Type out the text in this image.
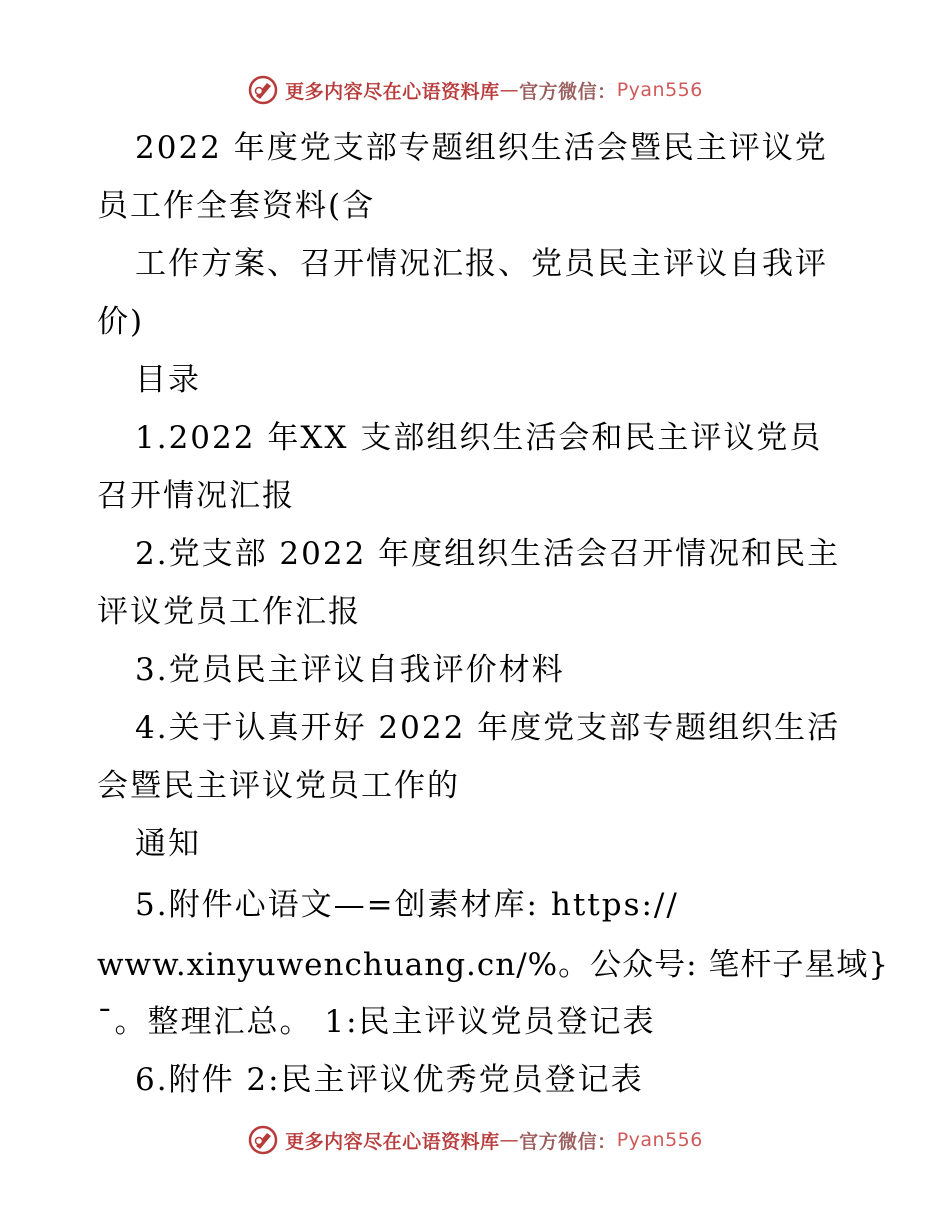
更多内容尽在心语资料库 — 官方微信： Pyan556
2022 年度党支部专题组织生活会暨民主评议党
员工作全套资料(含
工作方案、召开情况汇报、党员民主评议自我评
价)
目录
1.2022 年XX 支部组织生活会和民主评议党员
召开情况汇报
2.党支部 2022 年度组织生活会召开情况和民主
评议党员工作汇报
3.党员民主评议自我评价材料
4.关于认真开好 2022 年度党支部专题组织生活
会暨民主评议党员工作的
通知
5.附件心语文—=创素材库: https://
www.xinyuwenchuang.cn/%。公众号: 笔杆子星域}
¯。整理汇总。 1:民主评议党员登记表
6.附件 2:民主评议优秀党员登记表
更多内容尽在心语资料库 — 官方微信： Pyan556
